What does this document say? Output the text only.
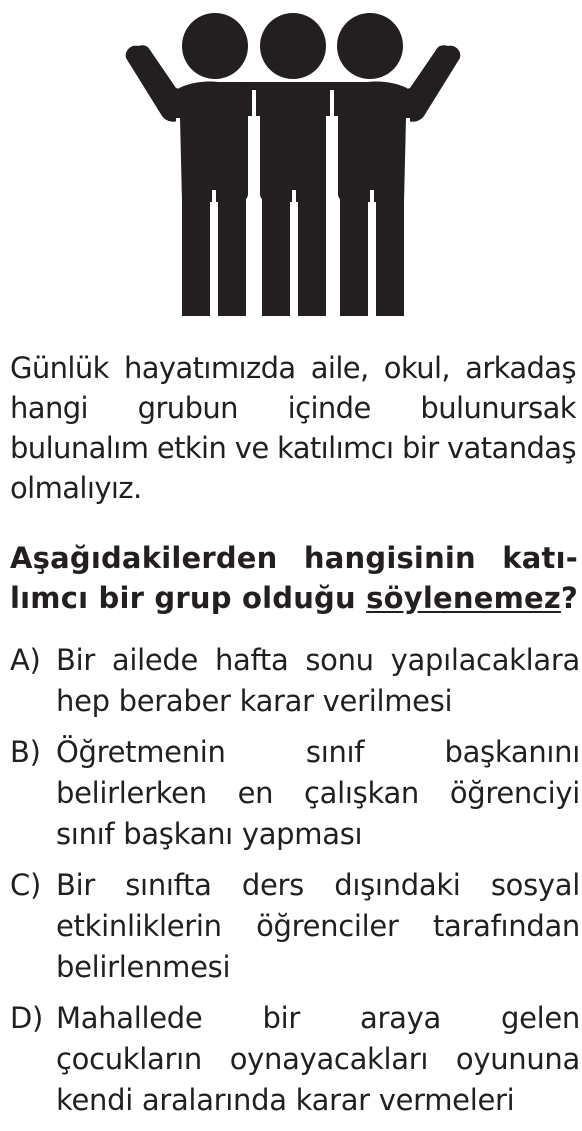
Günlük hayatımızda aile, okul, arkadaş hangi grubun içinde bulunursak bulunalım etkin ve katılımcı bir vatandaş olmalıyız.
Aşağıdakilerden hangisinin katı-
lımcı bir grup olduğu söylenemez?
A) Bir ailede hafta sonu yapılacaklara hep beraber karar verilmesi
B) Öğretmenin sınıf başkanını belirlerken en çalışkan öğrenciyi sınıf başkanı yapması
C) Bir sınıfta ders dışındaki sosyal etkinliklerin öğrenciler tarafından belirlenmesi
D) Mahallede bir araya gelen çocukların oynayacakları oyununa kendi aralarında karar vermeleri
